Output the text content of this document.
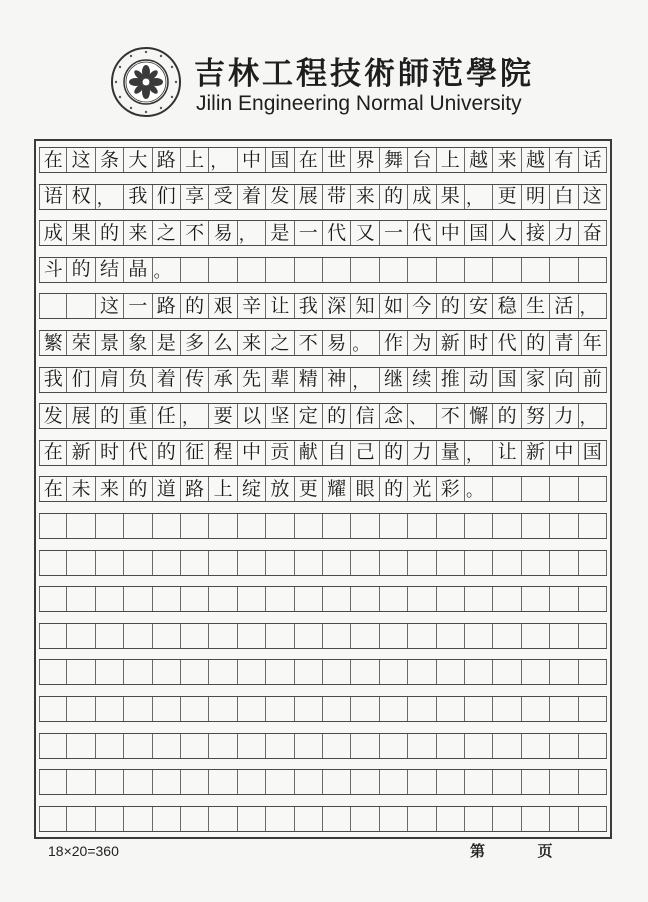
吉林工程技術師范學院
Jilin Engineering Normal University
在 这 条 大 路 上 ， 中 国 在 世 界 舞 台 上 越 来 越 有 话
语 权 ， 我 们 享 受 着 发 展 带 来 的 成 果 ， 更 明 白 这
成 果 的 来 之 不 易 ， 是 一 代 又 一 代 中 国 人 接 力 奋
斗 的 结 晶 。
这 一 路 的 艰 辛 让 我 深 知 如 今 的 安 稳 生 活 ，
繁 荣 景 象 是 多 么 来 之 不 易 。 作 为 新 时 代 的 青 年
我 们 肩 负 着 传 承 先 辈 精 神 ， 继 续 推 动 国 家 向 前
发 展 的 重 任 ， 要 以 坚 定 的 信 念 、 不 懈 的 努 力 ，
在 新 时 代 的 征 程 中 贡 献 自 己 的 力 量 ， 让 新 中 国
在 未 来 的 道 路 上 绽 放 更 耀 眼 的 光 彩 。
18×20=360	第	页
